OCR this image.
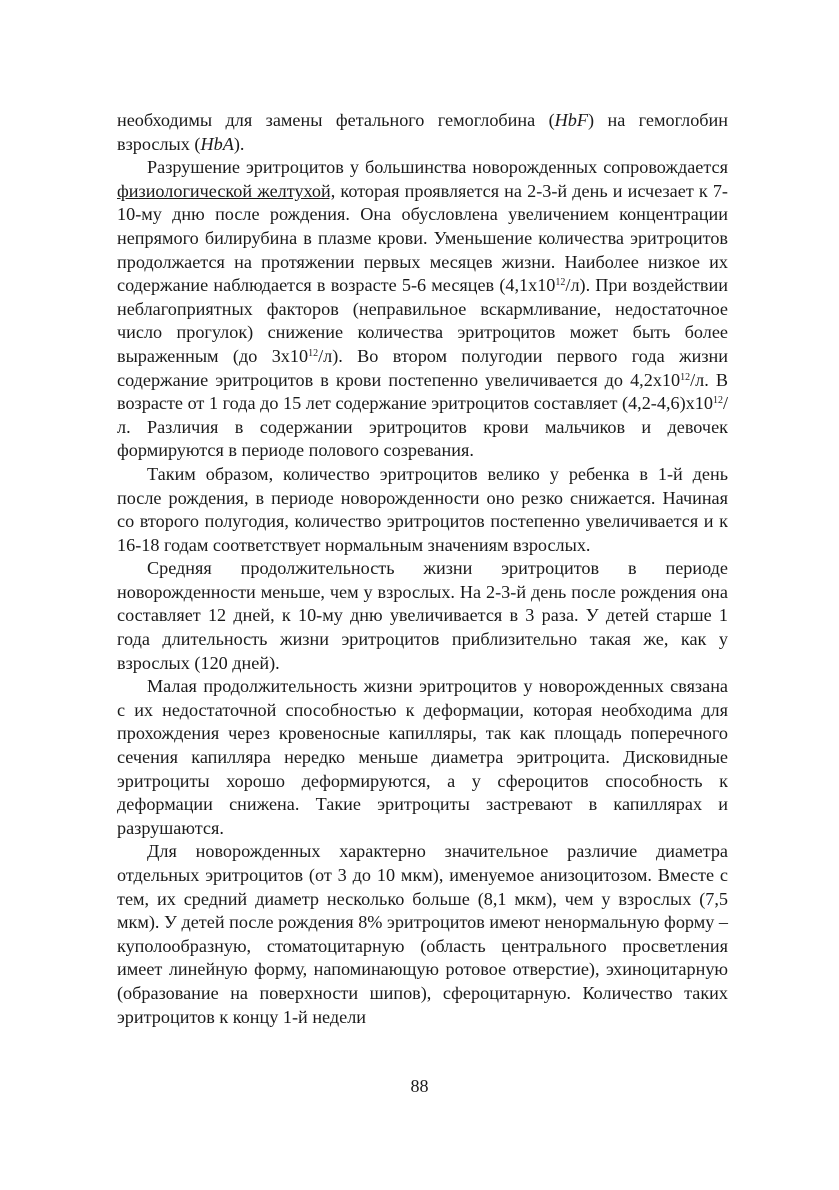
необходимы для замены фетального гемоглобина (HbF) на гемоглобин взрослых (HbA).

Разрушение эритроцитов у большинства новорожденных сопровождается физиологической желтухой, которая проявляется на 2-3-й день и исчезает к 7-10-му дню после рождения. Она обусловлена увеличением концентрации непрямого билирубина в плазме крови. Уменьшение количества эритроцитов продолжается на протяжении первых месяцев жизни. Наиболее низкое их содержание наблюдается в возрасте 5-6 месяцев $(4,1х10^{12}/л)$. При воздействии неблагоприятных факторов (неправильное вскармливание, недостаточное число прогулок) снижение количества эритроцитов может быть более выраженным (до $3х10^{12}/л$). Во втором полугодии первого года жизни содержание эритроцитов в крови постепенно увеличивается до $4,2х10^{12}/л$. В возрасте от 1 года до 15 лет содержание эритроцитов составляет $(4,2-4,6)х10^{12}/л$. Различия в содержании эритроцитов крови мальчиков и девочек формируются в периоде полового созревания.

Таким образом, количество эритроцитов велико у ребенка в 1-й день после рождения, в периоде новорожденности оно резко снижается. Начиная со второго полугодия, количество эритроцитов постепенно увеличивается и к 16-18 годам соответствует нормальным значениям взрослых.

Средняя продолжительность жизни эритроцитов в периоде новорожденности меньше, чем у взрослых. На 2-3-й день после рождения она составляет 12 дней, к 10-му дню увеличивается в 3 раза. У детей старше 1 года длительность жизни эритроцитов приблизительно такая же, как у взрослых (120 дней).

Малая продолжительность жизни эритроцитов у новорожденных связана с их недостаточной способностью к деформации, которая необходима для прохождения через кровеносные капилляры, так как площадь поперечного сечения капилляра нередко меньше диаметра эритроцита. Дисковидные эритроциты хорошо деформируются, а у сфероцитов способность к деформации снижена. Такие эритроциты застревают в капиллярах и разрушаются.

Для новорожденных характерно значительное различие диаметра отдельных эритроцитов (от 3 до 10 мкм), именуемое анизоцитозом. Вместе с тем, их средний диаметр несколько больше (8,1 мкм), чем у взрослых (7,5 мкм). У детей после рождения 8% эритроцитов имеют ненормальную форму – куполообразную, стоматоцитарную (область центрального просветления имеет линейную форму, напоминающую ротовое отверстие), эхиноцитарную (образование на поверхности шипов), сфероцитарную. Количество таких эритроцитов к концу 1-й недели

88
